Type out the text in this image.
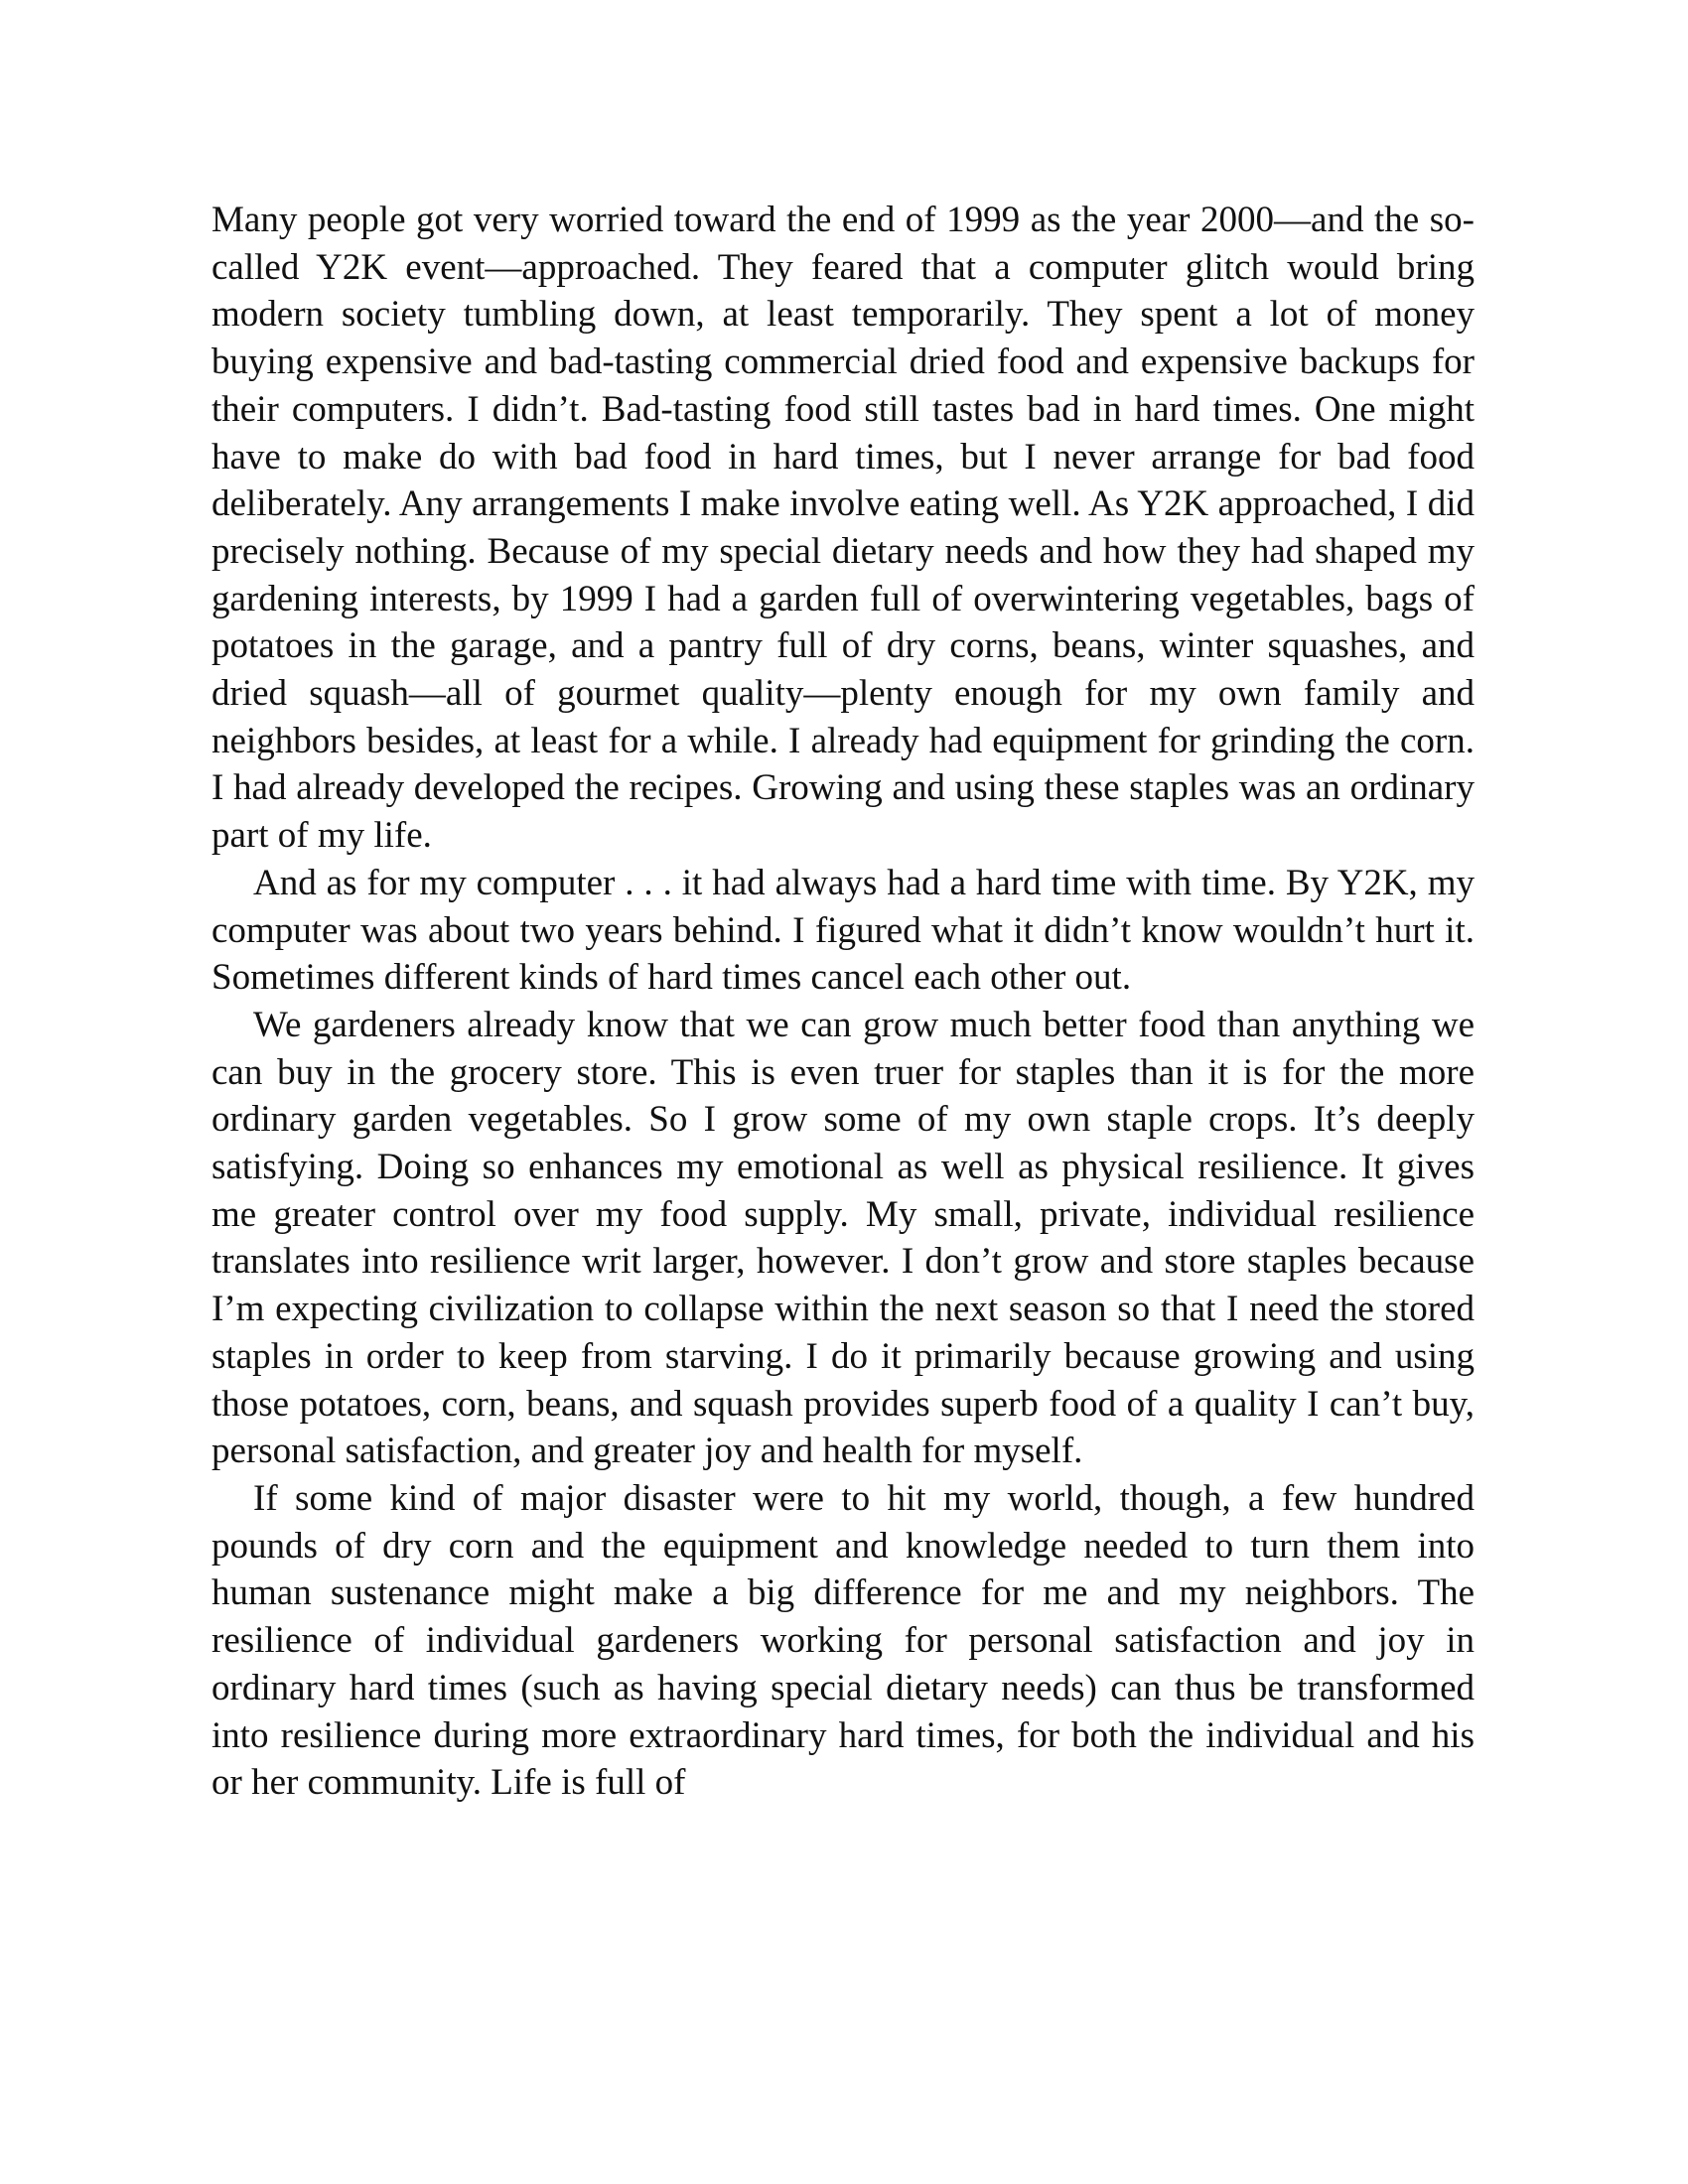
Many people got very worried toward the end of 1999 as the year 2000—and the so-called Y2K event—approached. They feared that a computer glitch would bring modern society tumbling down, at least temporarily. They spent a lot of money buying expensive and bad-tasting commercial dried food and expensive backups for their computers. I didn’t. Bad-tasting food still tastes bad in hard times. One might have to make do with bad food in hard times, but I never arrange for bad food deliberately. Any arrangements I make involve eating well. As Y2K approached, I did precisely nothing. Because of my special dietary needs and how they had shaped my gardening interests, by 1999 I had a garden full of overwintering vegetables, bags of potatoes in the garage, and a pantry full of dry corns, beans, winter squashes, and dried squash—all of gourmet quality—plenty enough for my own family and neighbors besides, at least for a while. I already had equipment for grinding the corn. I had already developed the recipes. Growing and using these staples was an ordinary part of my life.

And as for my computer . . . it had always had a hard time with time. By Y2K, my computer was about two years behind. I figured what it didn’t know wouldn’t hurt it. Sometimes different kinds of hard times cancel each other out.

We gardeners already know that we can grow much better food than anything we can buy in the grocery store. This is even truer for staples than it is for the more ordinary garden vegetables. So I grow some of my own staple crops. It’s deeply satisfying. Doing so enhances my emotional as well as physical resilience. It gives me greater control over my food supply. My small, private, individual resilience translates into resilience writ larger, however. I don’t grow and store staples because I’m expecting civilization to collapse within the next season so that I need the stored staples in order to keep from starving. I do it primarily because growing and using those potatoes, corn, beans, and squash provides superb food of a quality I can’t buy, personal satisfaction, and greater joy and health for myself.

If some kind of major disaster were to hit my world, though, a few hundred pounds of dry corn and the equipment and knowledge needed to turn them into human sustenance might make a big difference for me and my neighbors. The resilience of individual gardeners working for personal satisfaction and joy in ordinary hard times (such as having special dietary needs) can thus be transformed into resilience during more extraordinary hard times, for both the individual and his or her community. Life is full of
